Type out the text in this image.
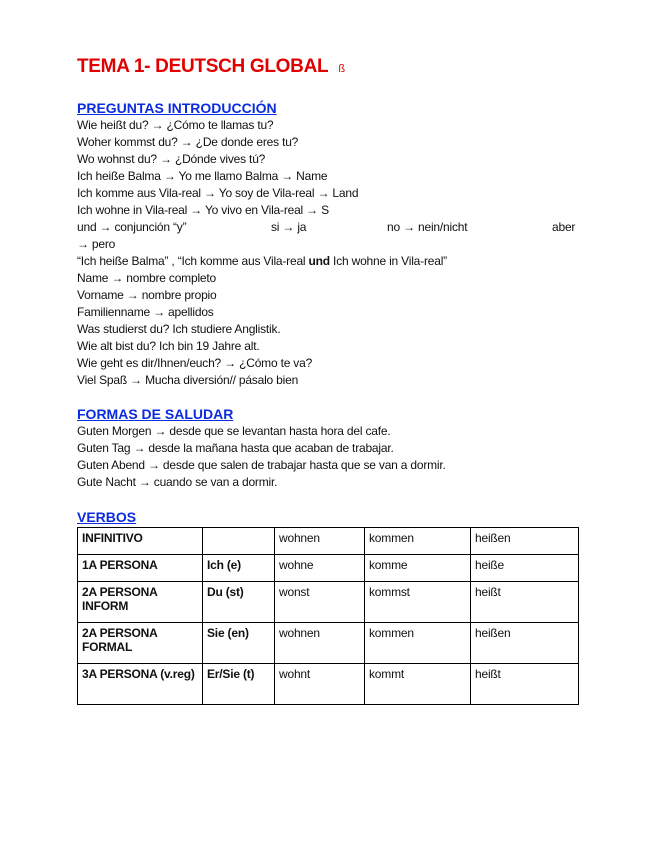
TEMA 1- DEUTSCH GLOBAL ß
PREGUNTAS INTRODUCCIÓN
Wie heißt du? → ¿Cómo te llamas tu?
Woher kommst du? → ¿De donde eres tu?
Wo wohnst du? → ¿Dónde vives tú?
Ich heiße Balma → Yo me llamo Balma → Name
Ich komme aus Vila-real → Yo soy de Vila-real → Land
Ich wohne in Vila-real → Yo vivo en Vila-real → S
und → conjunción “y”	si → ja	no → nein/nicht	aber
→ pero
“Ich heiße Balma” , “Ich komme aus Vila-real und Ich wohne in Vila-real”
Name → nombre completo
Vorname → nombre propio
Familienname → apellidos
Was studierst du? Ich studiere Anglistik.
Wie alt bist du? Ich bin 19 Jahre alt.
Wie geht es dir/Ihnen/euch? → ¿Cómo te va?
Viel Spaß → Mucha diversión// pásalo bien
FORMAS DE SALUDAR
Guten Morgen → desde que se levantan hasta hora del cafe.
Guten Tag → desde la mañana hasta que acaban de trabajar.
Guten Abend → desde que salen de trabajar hasta que se van a dormir.
Gute Nacht → cuando se van a dormir.
VERBOS
INFINITIVO		wohnen	kommen	heißen
1A PERSONA	Ich (e)	wohne	komme	heiße
2A PERSONA INFORM	Du (st)	wonst	kommst	heißt
2A PERSONA FORMAL	Sie (en)	wohnen	kommen	heißen
3A PERSONA (v.reg)	Er/Sie (t)	wohnt	kommt	heißt
